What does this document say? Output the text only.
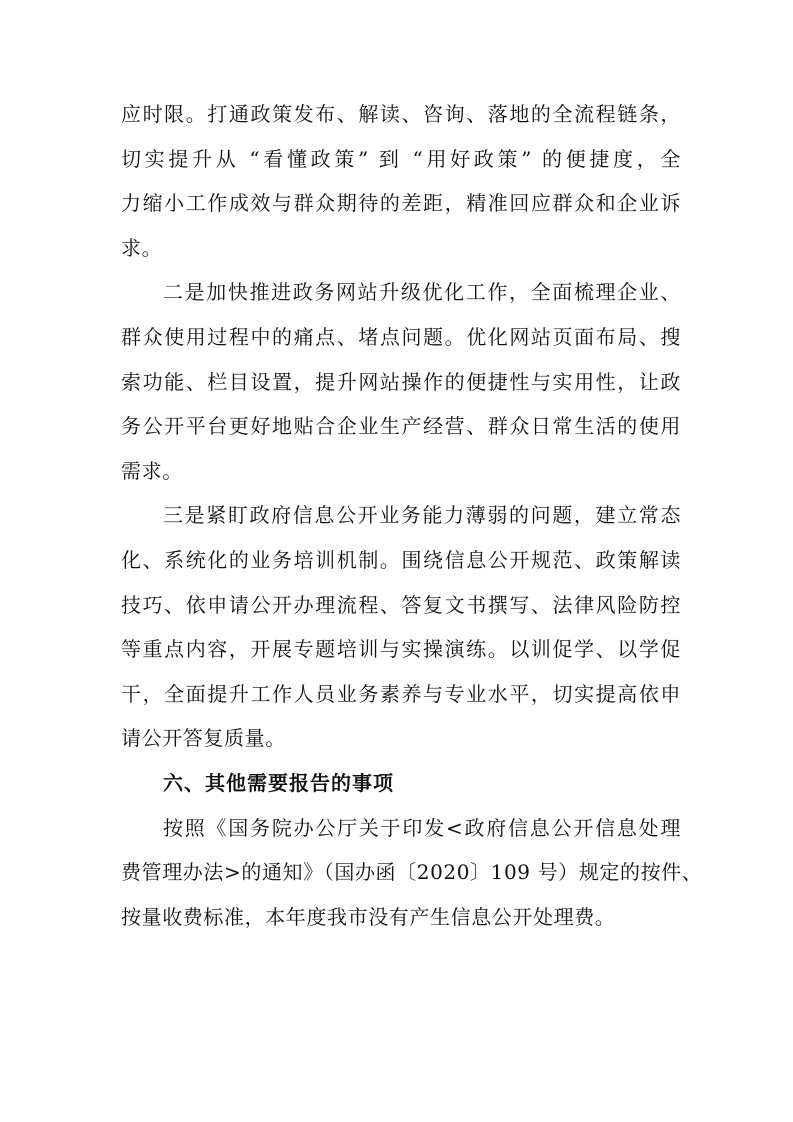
应时限。打通政策发布、解读、咨询、落地的全流程链条，
切实提升从 “看懂政策” 到 “用好政策” 的便捷度，全
力缩小工作成效与群众期待的差距，精准回应群众和企业诉
求。
二是加快推进政务网站升级优化工作，全面梳理企业、
群众使用过程中的痛点、堵点问题。优化网站页面布局、搜
索功能、栏目设置，提升网站操作的便捷性与实用性，让政
务公开平台更好地贴合企业生产经营、群众日常生活的使用
需求。
三是紧盯政府信息公开业务能力薄弱的问题，建立常态
化、系统化的业务培训机制。围绕信息公开规范、政策解读
技巧、依申请公开办理流程、答复文书撰写、法律风险防控
等重点内容，开展专题培训与实操演练。以训促学、以学促
干，全面提升工作人员业务素养与专业水平，切实提高依申
请公开答复质量。
六、其他需要报告的事项
按照《国务院办公厅关于印发<政府信息公开信息处理
费管理办法>的通知》（国办函〔2020〕109 号）规定的按件、
按量收费标准，本年度我市没有产生信息公开处理费。
